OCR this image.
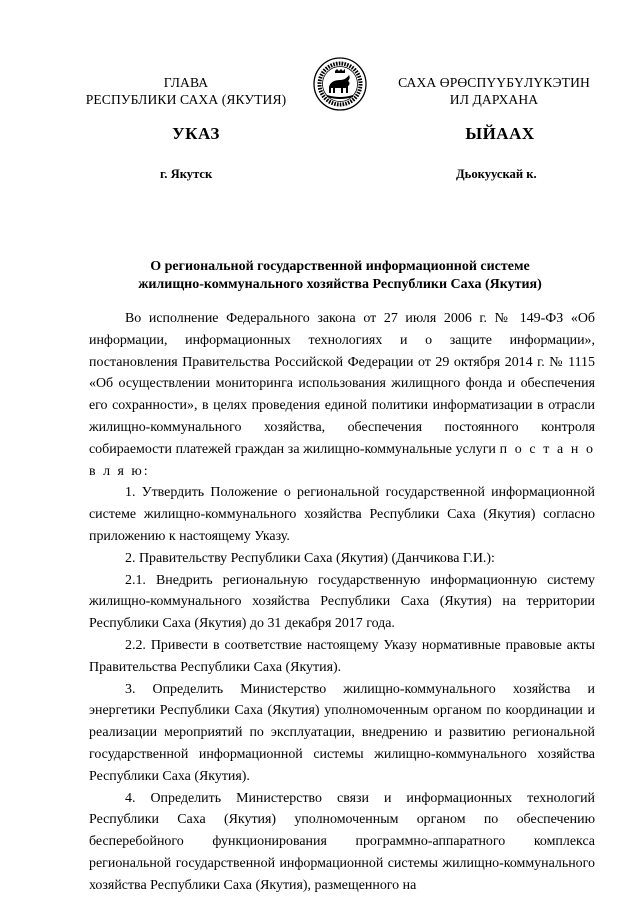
ГЛАВА
РЕСПУБЛИКИ САХА (ЯКУТИЯ)
САХА ӨРӨСПҮҮБҮЛҮКЭТИН
ИЛ ДАРХАНА
УКАЗ	ЫЙААХ
г. Якутск	Дьокуускай к.
О региональной государственной информационной системе
жилищно-коммунального хозяйства Республики Саха (Якутия)

Во исполнение Федерального закона от 27 июля 2006 г. № 149-ФЗ «Об информации, информационных технологиях и о защите информации», постановления Правительства Российской Федерации от 29 октября 2014 г. № 1115 «Об осуществлении мониторинга использования жилищного фонда и обеспечения его сохранности», в целях проведения единой политики информатизации в отрасли жилищно-коммунального хозяйства, обеспечения постоянного контроля собираемости платежей граждан за жилищно-коммунальные услуги п о с т а н о в л я ю:

1. Утвердить Положение о региональной государственной информационной системе жилищно-коммунального хозяйства Республики Саха (Якутия) согласно приложению к настоящему Указу.

2. Правительству Республики Саха (Якутия) (Данчикова Г.И.):

2.1. Внедрить региональную государственную информационную систему жилищно-коммунального хозяйства Республики Саха (Якутия) на территории Республики Саха (Якутия) до 31 декабря 2017 года.

2.2. Привести в соответствие настоящему Указу нормативные правовые акты Правительства Республики Саха (Якутия).

3. Определить Министерство жилищно-коммунального хозяйства и энергетики Республики Саха (Якутия) уполномоченным органом по координации и реализации мероприятий по эксплуатации, внедрению и развитию региональной государственной информационной системы жилищно-коммунального хозяйства Республики Саха (Якутия).

4. Определить Министерство связи и информационных технологий Республики Саха (Якутия) уполномоченным органом по обеспечению бесперебойного функционирования программно-аппаратного комплекса региональной государственной информационной системы жилищно-коммунального хозяйства Республики Саха (Якутия), размещенного на
